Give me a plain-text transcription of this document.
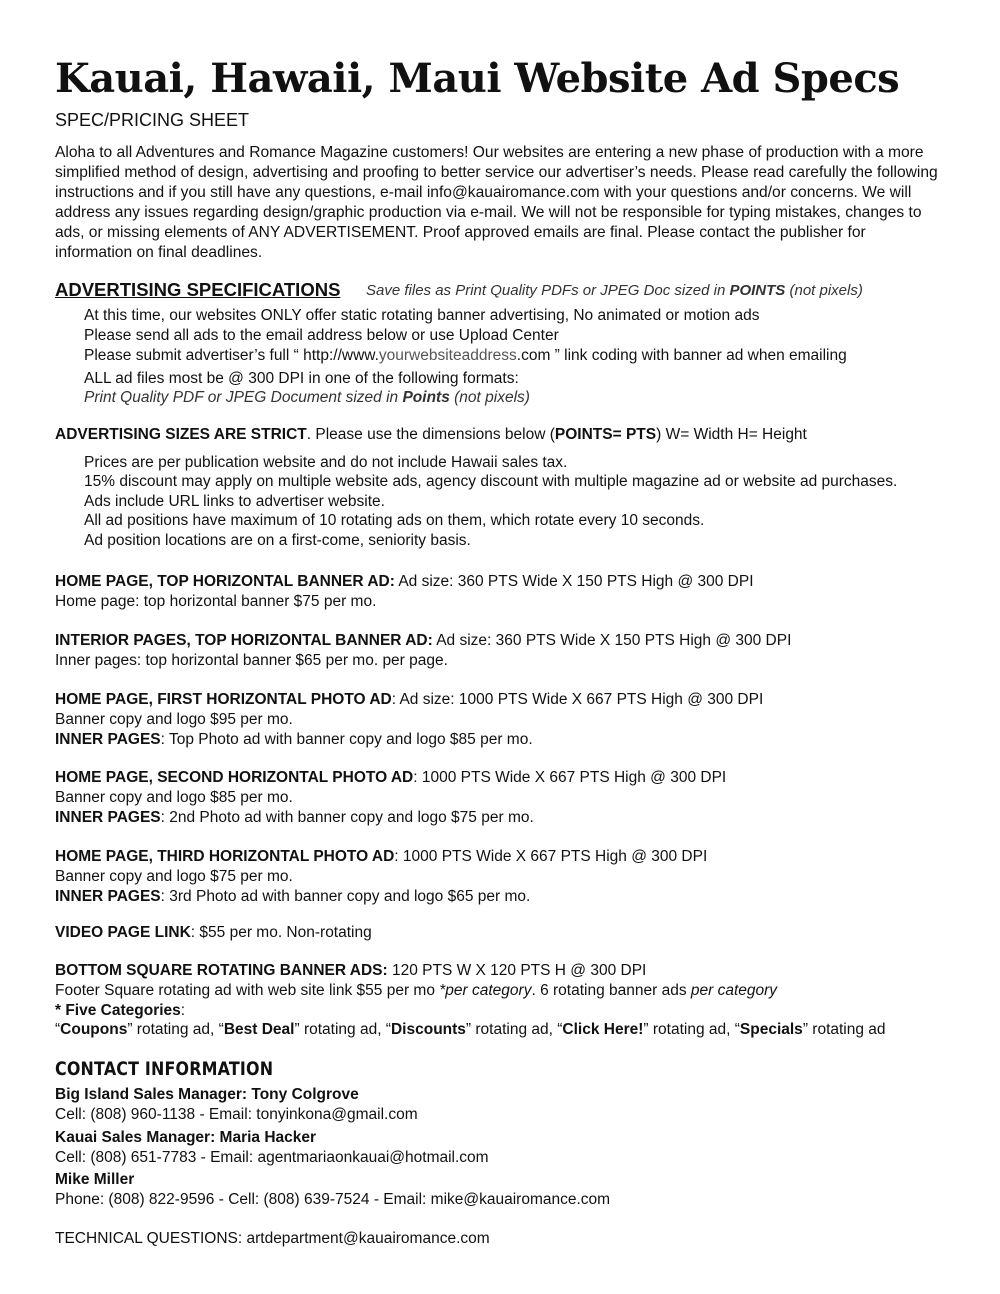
Kauai, Hawaii, Maui Website Ad Specs
SPEC/PRICING SHEET
Aloha to all Adventures and Romance Magazine customers! Our websites are entering a new phase of production with a more simplified method of design, advertising and proofing to better service our advertiser’s needs. Please read carefully the following instructions and if you still have any questions, e-mail info@kauairomance.com with your questions and/or concerns. We will address any issues regarding design/graphic production via e-mail. We will not be responsible for typing mistakes, changes to ads, or missing elements of ANY ADVERTISEMENT. Proof approved emails are final. Please contact the publisher for information on final deadlines.
ADVERTISING SPECIFICATIONS Save files as Print Quality PDFs or JPEG Doc sized in POINTS (not pixels)
At this time, our websites ONLY offer static rotating banner advertising, No animated or motion ads
Please send all ads to the email address below or use Upload Center
Please submit advertiser’s full “ http://www.yourwebsiteaddress.com ” link coding with banner ad when emailing
ALL ad files most be @ 300 DPI in one of the following formats:
Print Quality PDF or JPEG Document sized in Points (not pixels)
ADVERTISING SIZES ARE STRICT. Please use the dimensions below (POINTS= PTS) W= Width H= Height
Prices are per publication website and do not include Hawaii sales tax.
15% discount may apply on multiple website ads, agency discount with multiple magazine ad or website ad purchases.
Ads include URL links to advertiser website.
All ad positions have maximum of 10 rotating ads on them, which rotate every 10 seconds.
Ad position locations are on a first-come, seniority basis.
HOME PAGE, TOP HORIZONTAL BANNER AD: Ad size: 360 PTS Wide X 150 PTS High @ 300 DPI
Home page: top horizontal banner $75 per mo.
INTERIOR PAGES, TOP HORIZONTAL BANNER AD: Ad size: 360 PTS Wide X 150 PTS High @ 300 DPI
Inner pages: top horizontal banner $65 per mo. per page.
HOME PAGE, FIRST HORIZONTAL PHOTO AD: Ad size: 1000 PTS Wide X 667 PTS High @ 300 DPI
Banner copy and logo $95 per mo.
INNER PAGES: Top Photo ad with banner copy and logo $85 per mo.
HOME PAGE, SECOND HORIZONTAL PHOTO AD: 1000 PTS Wide X 667 PTS High @ 300 DPI
Banner copy and logo $85 per mo.
INNER PAGES: 2nd Photo ad with banner copy and logo $75 per mo.
HOME PAGE, THIRD HORIZONTAL PHOTO AD: 1000 PTS Wide X 667 PTS High @ 300 DPI
Banner copy and logo $75 per mo.
INNER PAGES: 3rd Photo ad with banner copy and logo $65 per mo.
VIDEO PAGE LINK: $55 per mo. Non-rotating
BOTTOM SQUARE ROTATING BANNER ADS: 120 PTS W X 120 PTS H @ 300 DPI
Footer Square rotating ad with web site link $55 per mo *per category. 6 rotating banner ads per category
* Five Categories:
“Coupons” rotating ad, “Best Deal” rotating ad, “Discounts” rotating ad, “Click Here!” rotating ad, “Specials” rotating ad
CONTACT INFORMATION
Big Island Sales Manager: Tony Colgrove
Cell: (808) 960-1138 - Email: tonyinkona@gmail.com
Kauai Sales Manager: Maria Hacker
Cell: (808) 651-7783 - Email: agentmariaonkauai@hotmail.com
Mike Miller
Phone: (808) 822-9596 - Cell: (808) 639-7524 - Email: mike@kauairomance.com
TECHNICAL QUESTIONS: artdepartment@kauairomance.com
